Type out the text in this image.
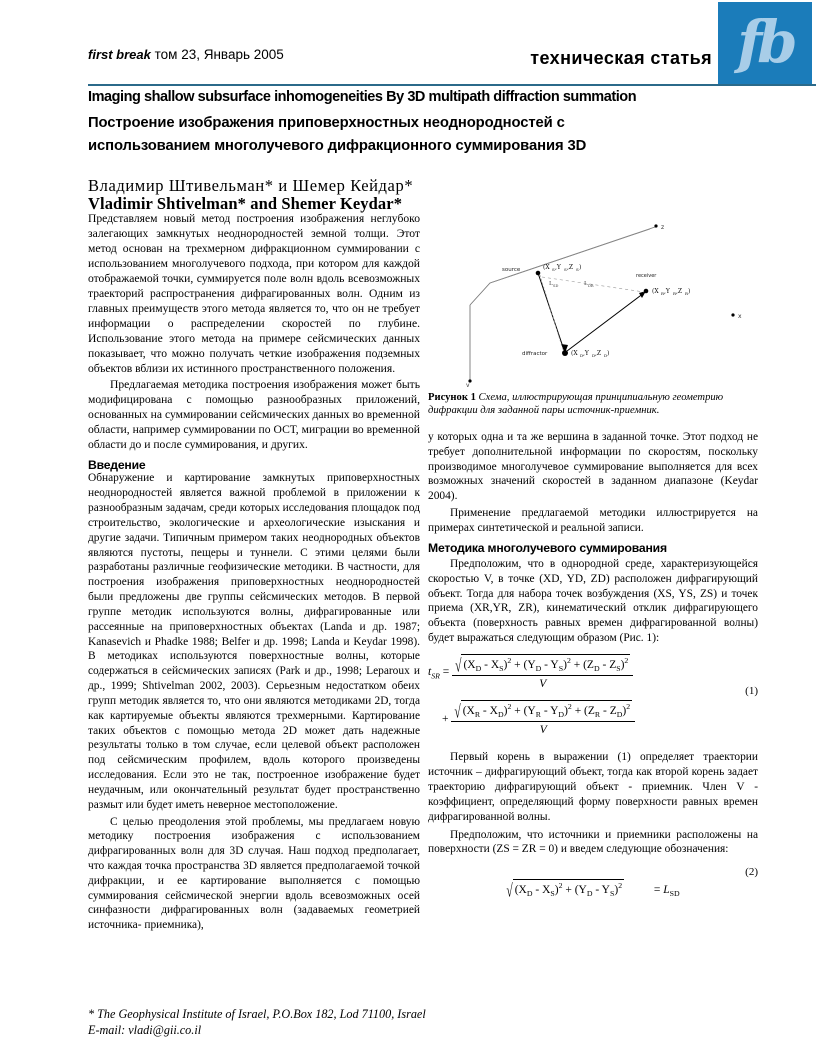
fb
first break том 23, Январь 2005	техническая статья
Imaging shallow subsurface inhomogeneities By 3D multipath diffraction summation
Построение изображения приповерхностных неоднородностей с
использованием многолучевого дифракционного суммирования 3D
Владимир Штивельман* и Шемер Кейдар*
Vladimir Shtivelman* and Shemer Keydar*

Представляем новый метод построения изображения неглубоко залегающих замкнутых неоднородностей земной толщи. Этот метод основан на трехмерном дифракционном суммировании с использованием многолучевого подхода, при котором для каждой отображаемой точки, суммируется поле волн вдоль всевозможных траекторий распространения дифрагированных волн. Одним из главных преимуществ этого метода является то, что он не требует информации о распределении скоростей по глубине. Использование этого метода на примере сейсмических данных показывает, что можно получать четкие изображения подземных объектов вблизи их истинного пространственного положения.

Предлагаемая методика построения изображения может быть модифицирована с помощью разнообразных приложений, основанных на суммировании сейсмических данных во временной области, например суммировании по ОСТ, миграции во временной области до и после суммирования, и других.

Введение

Обнаружение и картирование замкнутых приповерхностных неоднородностей является важной проблемой в приложении к разнообразным задачам, среди которых исследования площадок под строительство, экологические и археологические изыскания и другие задачи. Типичным примером таких неоднородных объектов являются пустоты, пещеры и туннели. С этими целями были разработаны различные геофизические методики. В частности, для построения изображения приповерхностных неоднородностей были предложены две группы сейсмических методов. В первой группе методик используются волны, дифрагированные или рассеянные на приповерхностных объектах (Landa и др. 1987; Kanasevich и Phadke 1988; Belfer и др. 1998; Landa и Keydar 1998). В методиках используются поверхностные волны, которые содержаться в сейсмических записях (Park и др., 1998; Leparoux и др., 1999; Shtivelman 2002, 2003). Серьезным недостатком обеих групп методик является то, что они являются методиками 2D, тогда как картируемые объекты являются трехмерными. Картирование таких объектов с помощью метода 2D может дать надежные результаты только в том случае, если целевой объект расположен под сейсмическим профилем, вдоль которого произведены исследования. Если это не так, построенное изображение будет неудачным, или окончательный результат будет пространственно размыт или будет иметь неверное местоположение.

С целью преодоления этой проблемы, мы предлагаем новую методику построения изображения с использованием дифрагированных волн для 3D случая. Наш подход предполагает, что каждая точка пространства 3D является предполагаемой точкой дифракции, и ее картирование выполняется с помощью суммирования сейсмической энергии вдоль всевозможных осей синфазности дифрагированных волн (задаваемых геометрией источника- приемника),

z
x
y
source	(X S ,Y S ,Z S )
receiver
(X R ,Y R ,Z R )
diffractor	(X D ,Y D ,Z D )
L SD	L DR
Рисунок 1 Схема, иллюстрирующая принципиальную геометрию дифракции для заданной пары источник-приемник.

у которых одна и та же вершина в заданной точке. Этот подход не требует дополнительной информации по скоростям, поскольку производимое многолучевое суммирование выполняется для всех возможных значений скоростей в заданном диапазоне (Keydar 2004).

Применение предлагаемой методики иллюстрируется на примерах синтетической и реальной записи.

Методика многолучевого суммирования

Предположим, что в однородной среде, характеризующейся скоростью V, в точке (XD, YD, ZD) расположен дифрагирующий объект. Тогда для набора точек возбуждения (XS, YS, ZS) и точек приема (XR,YR, ZR), кинематический отклик дифрагирующего объекта (поверхность равных времен дифрагированной волны) будет выражаться следующим образом (Рис. 1):

(1)
$t_{SR} = \frac{√ (X_D - X_S)^2 + (Y_D - Y_S)^2 + (Z_D - Z_S)^2}{V}$
+ $\frac{√ (X_R - X_D)^2 + (Y_R - Y_D)^2 + (Z_R - Z_D)^2}{V}$

Первый корень в выражении (1) определяет траектории источник – дифрагирующий объект, тогда как второй корень задает траекторию дифрагирующий объект - приемник. Член V - коэффициент, определяющий форму поверхности равных времен дифрагированной волны.

Предположим, что источники и приемники расположены на поверхности (ZS = ZR = 0) и введем следующие обозначения:

(2)
√ $(X_D - X_S)^2 + (Y_D - Y_S)^2$	= $L_{SD}$
* The Geophysical Institute of Israel, P.O.Box 182, Lod 71100, Israel
E-mail: vladi@gii.co.il
